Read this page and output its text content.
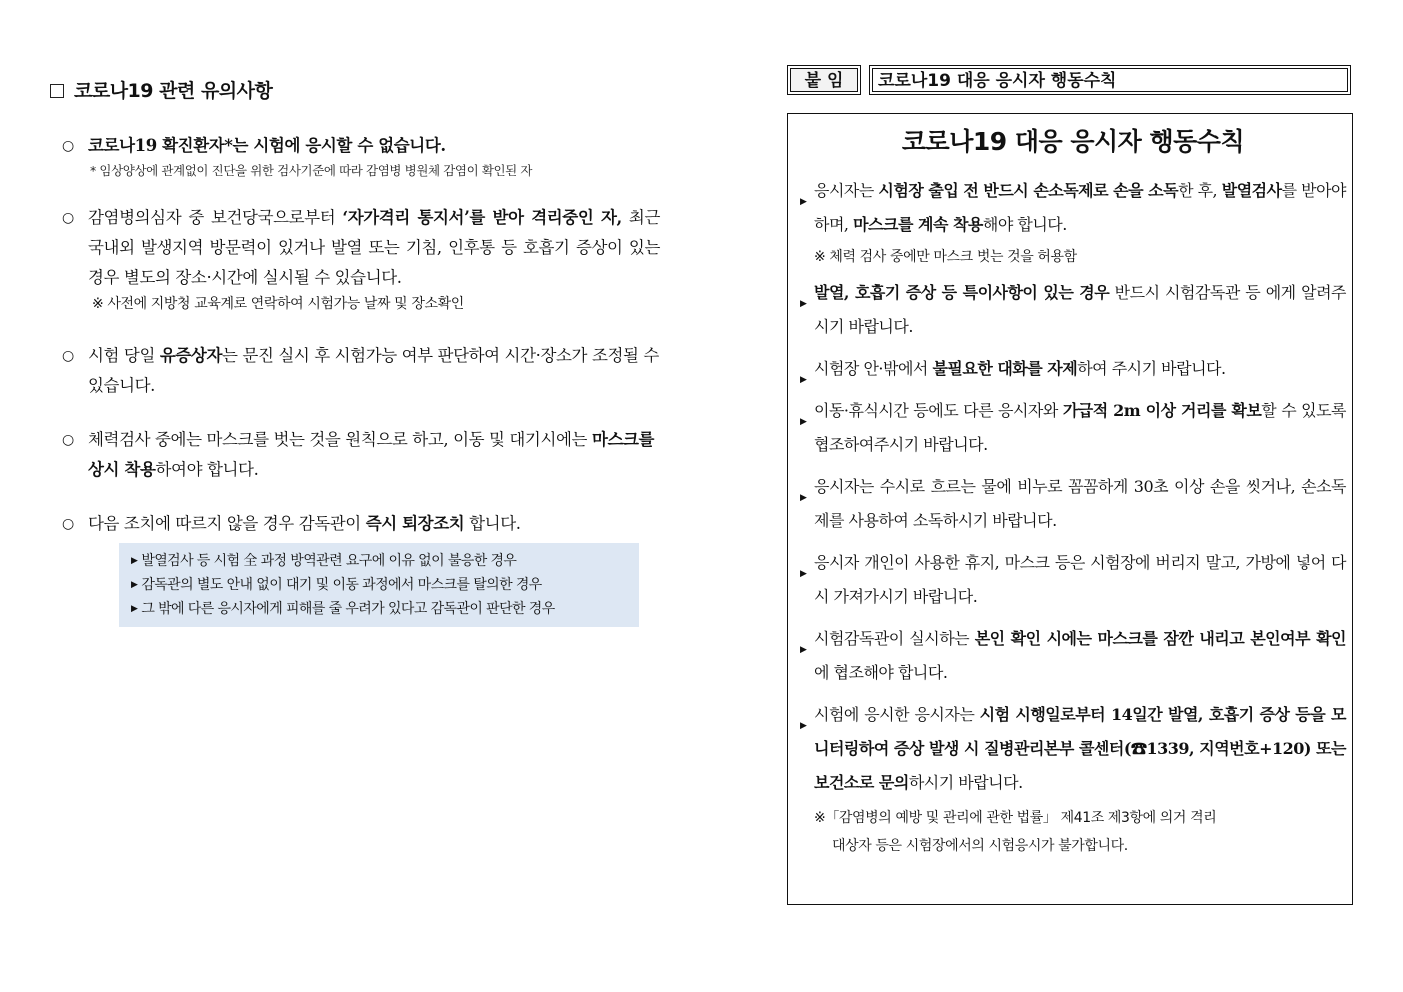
코로나19 관련 유의사항
○ 코로나19 확진환자*는 시험에 응시할 수 없습니다.
* 임상양상에 관계없이 진단을 위한 검사기준에 따라 감염병 병원체 감염이 확인된 자
○ 감염병의심자 중 보건당국으로부터 ‘자가격리 통지서’를 받아 격리중인 자, 최근 국내외 발생지역 방문력이 있거나 발열 또는 기침, 인후통 등 호흡기 증상이 있는 경우 별도의 장소·시간에 실시될 수 있습니다.

※ 사전에 지방청 교육계로 연락하여 시험가능 날짜 및 장소확인
○ 시험 당일 유증상자는 문진 실시 후 시험가능 여부 판단하여 시간·장소가 조정될 수 있습니다.
○ 체력검사 중에는 마스크를 벗는 것을 원칙으로 하고, 이동 및 대기시에는 마스크를 상시 착용하여야 합니다.
○ 다음 조치에 따르지 않을 경우 감독관이 즉시 퇴장조치 합니다.
▶ 발열검사 등 시험 全 과정 방역관련 요구에 이유 없이 불응한 경우
▶ 감독관의 별도 안내 없이 대기 및 이동 과정에서 마스크를 탈의한 경우
▶ 그 밖에 다른 응시자에게 피해를 줄 우려가 있다고 감독관이 판단한 경우
붙 임	코로나19 대응 응시자 행동수칙
코로나19 대응 응시자 행동수칙
▶

응시자는 시험장 출입 전 반드시 손소독제로 손을 소독한 후, 발열검사를 받아야 하며, 마스크를 계속 착용해야 합니다.

※ 체력 검사 중에만 마스크 벗는 것을 허용함
▶

발열, 호흡기 증상 등 특이사항이 있는 경우 반드시 시험감독관 등 에게 알려주시기 바랍니다.

▶

시험장 안·밖에서 불필요한 대화를 자제하여 주시기 바랍니다.

▶

이동·휴식시간 등에도 다른 응시자와 가급적 2m 이상 거리를 확보할 수 있도록 협조하여주시기 바랍니다.

▶

응시자는 수시로 흐르는 물에 비누로 꼼꼼하게 30초 이상 손을 씻거나, 손소독제를 사용하여 소독하시기 바랍니다.

▶

응시자 개인이 사용한 휴지, 마스크 등은 시험장에 버리지 말고, 가방에 넣어 다시 가져가시기 바랍니다.

▶

시험감독관이 실시하는 본인 확인 시에는 마스크를 잠깐 내리고 본인여부 확인에 협조해야 합니다.

▶

시험에 응시한 응시자는 시험 시행일로부터 14일간 발열, 호흡기 증상 등을 모니터링하여 증상 발생 시 질병관리본부 콜센터(☎1339, 지역번호+120) 또는 보건소로 문의하시기 바랍니다.

※「감염병의 예방 및 관리에 관한 법률」 제41조 제3항에 의거 격리
대상자 등은 시험장에서의 시험응시가 불가합니다.
